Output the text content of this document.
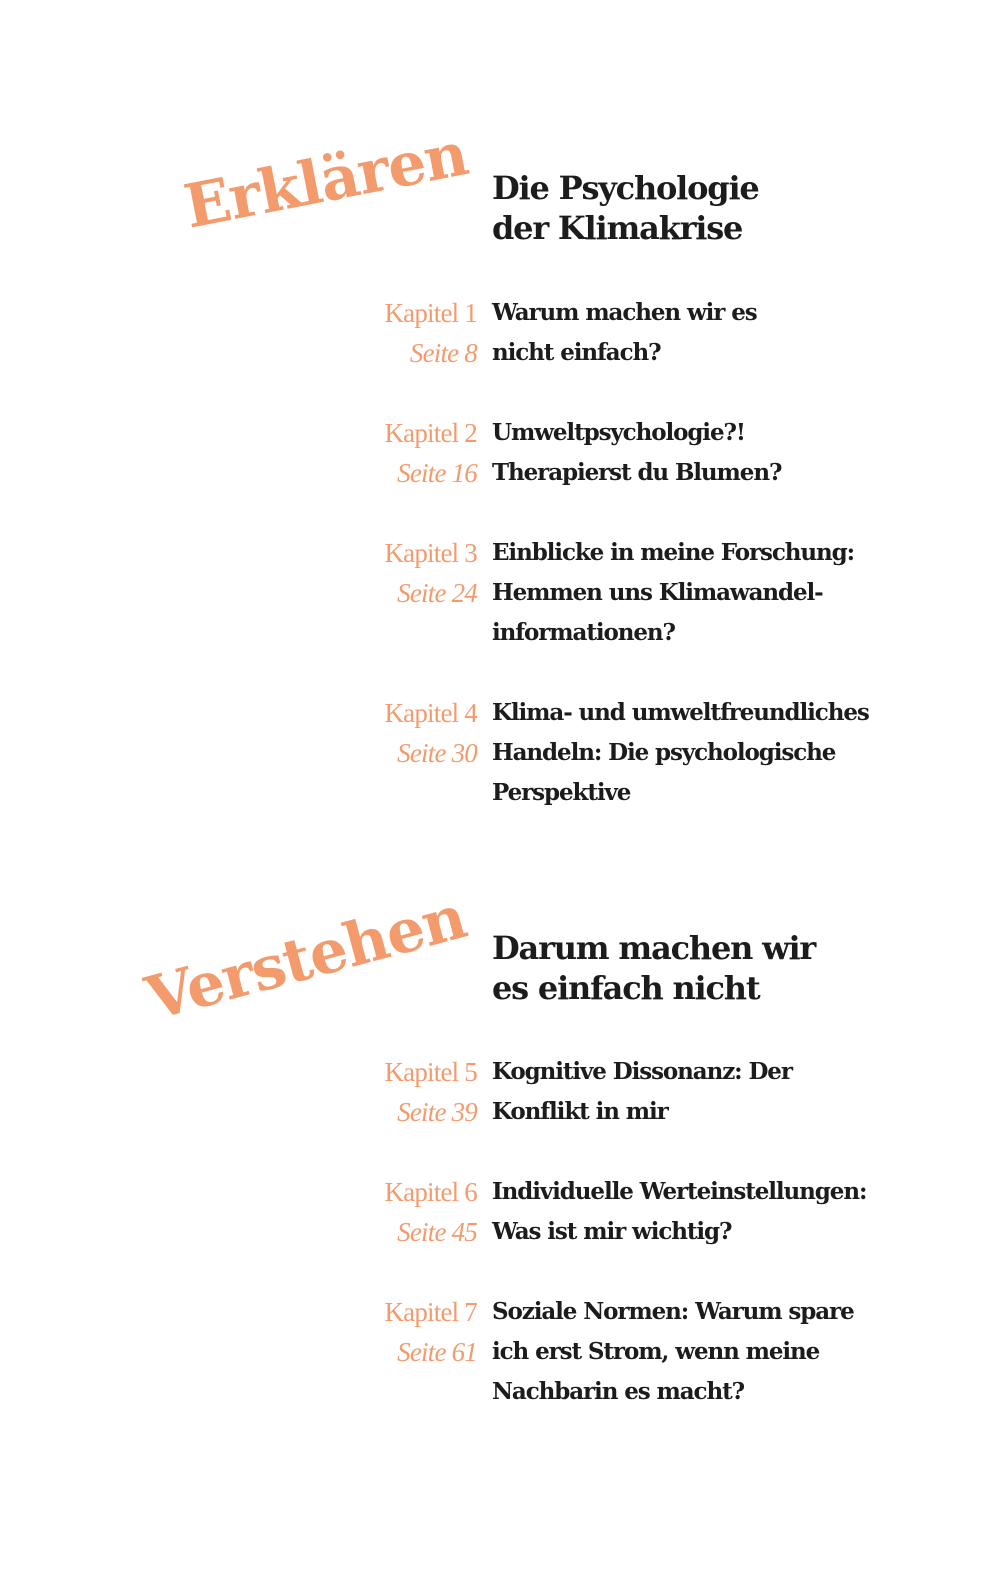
Erklären Die Psychologie
der Klimakrise
Kapitel 1
Seite 8
Warum machen wir es
nicht einfach?
Kapitel 2
Seite 16
Umweltpsychologie?!
Therapierst du Blumen?
Kapitel 3
Seite 24
Einblicke in meine Forschung:
Hemmen uns Klimawandel-
informationen?
Kapitel 4
Seite 30
Klima- und umweltfreundliches
Handeln: Die psychologische
Perspektive
Verstehen Darum machen wir
es einfach nicht
Kapitel 5
Seite 39
Kognitive Dissonanz: Der
Konflikt in mir
Kapitel 6
Seite 45
Individuelle Werteinstellungen:
Was ist mir wichtig?
Kapitel 7
Seite 61
Soziale Normen: Warum spare
ich erst Strom, wenn meine
Nachbarin es macht?
